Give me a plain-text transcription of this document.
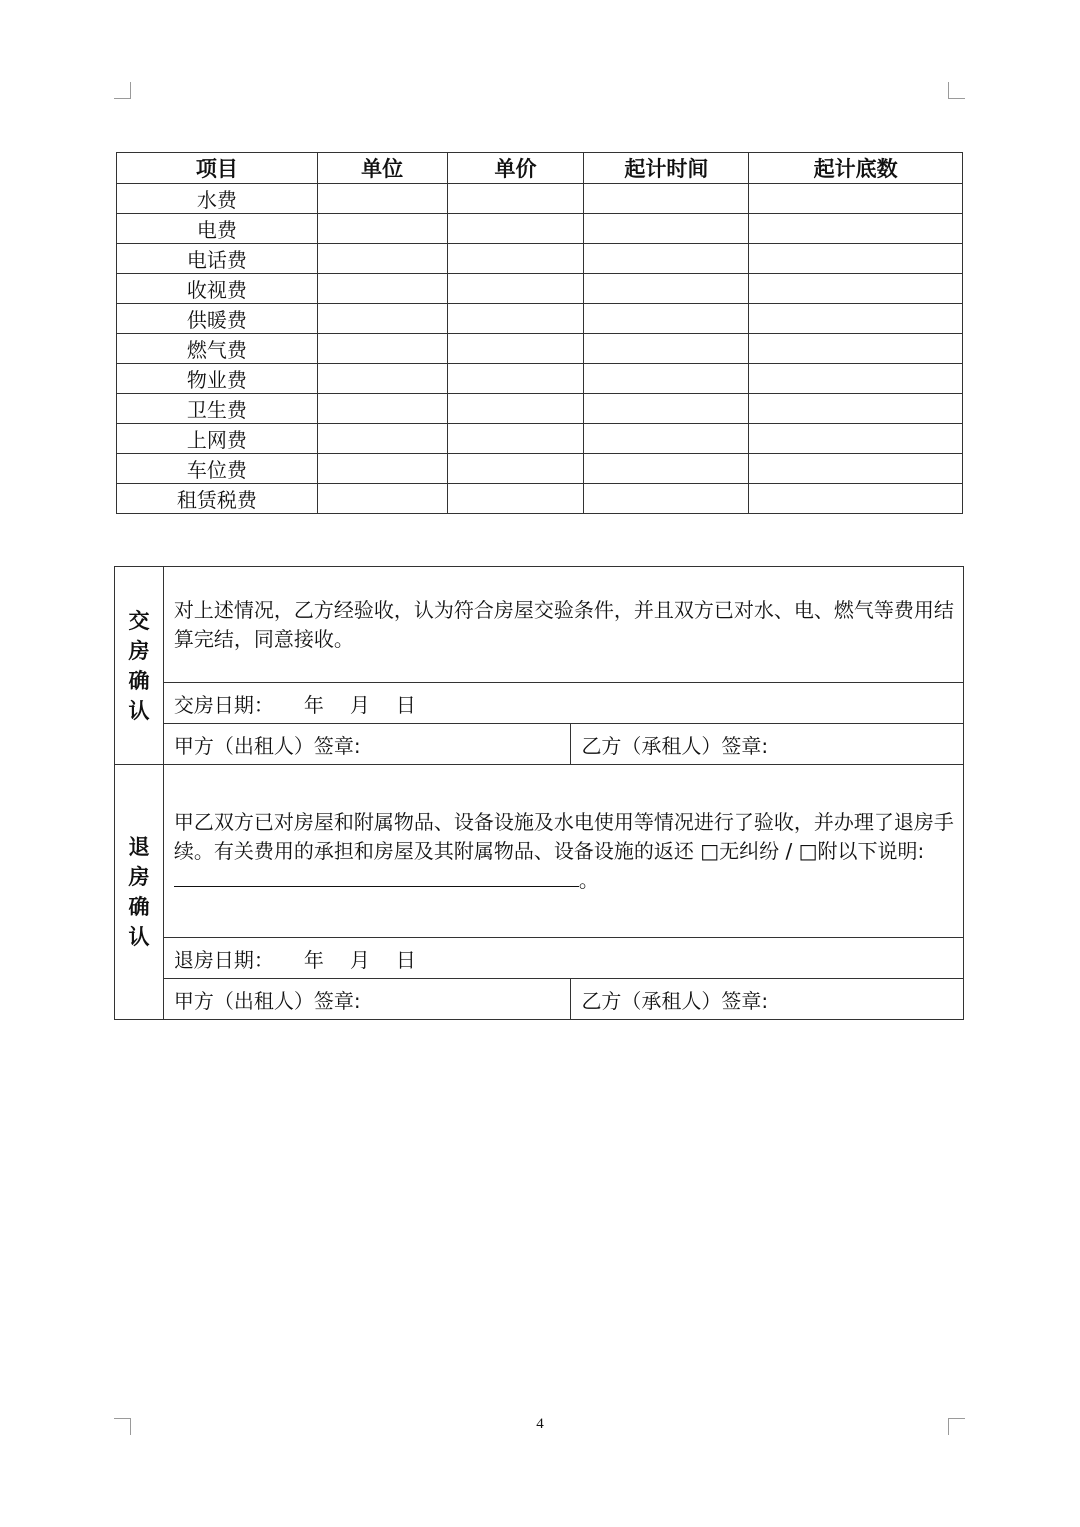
项目	单位	单价	起计时间	起计底数
水费				
电费				
电话费				
收视费				
供暖费				
燃气费				
物业费				
卫生费				
上网费				
车位费				
租赁税费				
交房确认	对上述情况，乙方经验收，认为符合房屋交验条件，并且双方已对水、电、燃气等费用结算完结，同意接收。	

	交房日期： 年 月 日	
	甲方（出租人）签章:	乙方（承租人）签章:
退房确认	甲乙双方已对房屋和附属物品、设备设施及水电使用等情况进行了验收，并办理了退房手续。有关费用的承担和房屋及其附属物品、设备设施的返还 □无纠纷 / □附以下说明:
。	

	退房日期： 年 月 日	
	甲方（出租人）签章:	乙方（承租人）签章:
4
